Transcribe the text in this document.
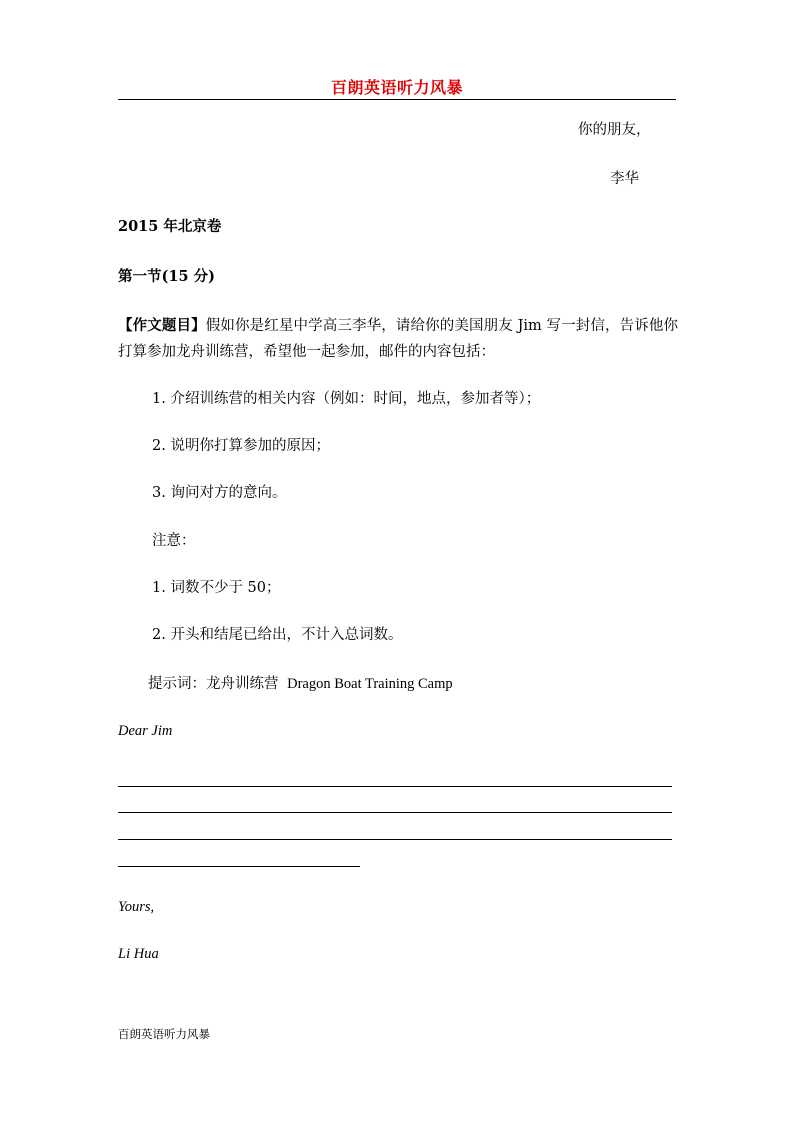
百朗英语听力风暴
你的朋友，
李华
2015 年北京卷
第一节(15 分)
【作文题目】假如你是红星中学高三李华，请给你的美国朋友 Jim 写一封信，告诉他你打算参加龙舟训练营，希望他一起参加，邮件的内容包括：
1. 介绍训练营的相关内容（例如：时间，地点，参加者等）；
2. 说明你打算参加的原因；
3. 询问对方的意向。
注意：
1. 词数不少于 50；
2. 开头和结尾已给出，不计入总词数。
提示词：龙舟训练营 Dragon Boat Training Camp
Dear Jim
Yours,
Li Hua
百朗英语听力风暴
